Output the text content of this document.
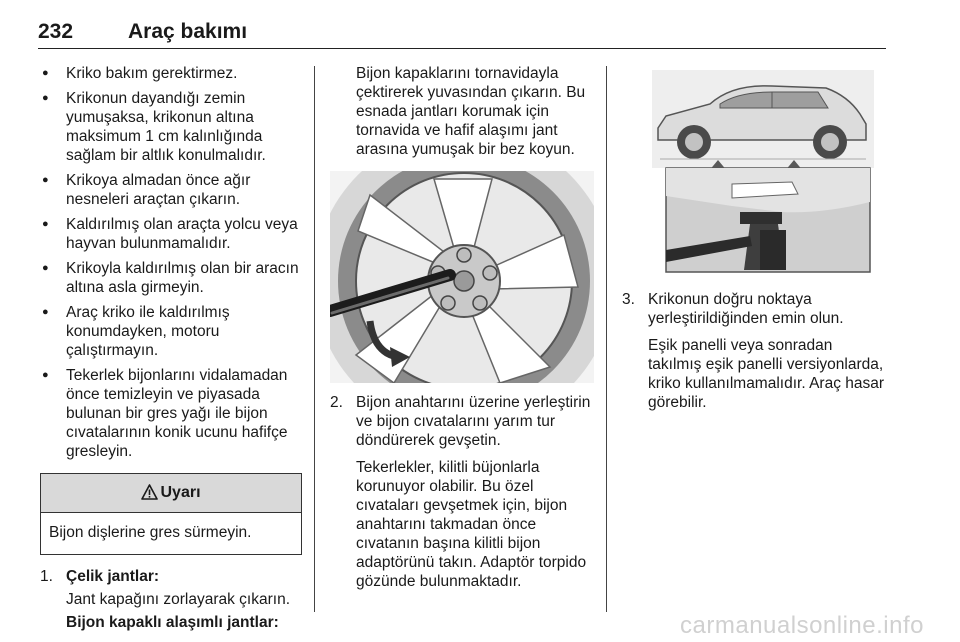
232	Araç bakımı
● Kriko bakım gerektirmez.
● Krikonun dayandığı zemin yumuşaksa, krikonun altına maksimum 1 cm kalınlığında sağlam bir altlık konulmalıdır.
● Krikoya almadan önce ağır nesneleri araçtan çıkarın.
● Kaldırılmış olan araçta yolcu veya hayvan bulunmamalıdır.
● Krikoyla kaldırılmış olan bir aracın altına asla girmeyin.
● Araç kriko ile kaldırılmış konumdayken, motoru çalıştırmayın.
● Tekerlek bijonlarını vidalamadan önce temizleyin ve piyasada bulunan bir gres yağı ile bijon cıvatalarının konik ucunu hafifçe gresleyin.
Uyarı
Bijon dişlerine gres sürmeyin.
1. Çelik jantlar:

Jant kapağını zorlayarak çıkarın.

Bijon kapaklı alaşımlı jantlar:

Bijon kapaklarını tornavidayla çektirerek yuvasından çıkarın. Bu esnada jantları korumak için tornavida ve hafif alaşımı jant arasına yumuşak bir bez koyun.

2. Bijon anahtarını üzerine yerleştirin ve bijon cıvatalarını yarım tur döndürerek gevşetin.

Tekerlekler, kilitli büjonlarla korunuyor olabilir. Bu özel cıvataları gevşetmek için, bijon anahtarını takmadan önce cıvatanın başına kilitli bijon adaptörünü takın. Adaptör torpido gözünde bulunmaktadır.

3. Krikonun doğru noktaya yerleştirildiğinden emin olun.

Eşik panelli veya sonradan takılmış eşik panelli versiyonlarda, kriko kullanılmamalıdır. Araç hasar görebilir.

carmanualsonline.info
